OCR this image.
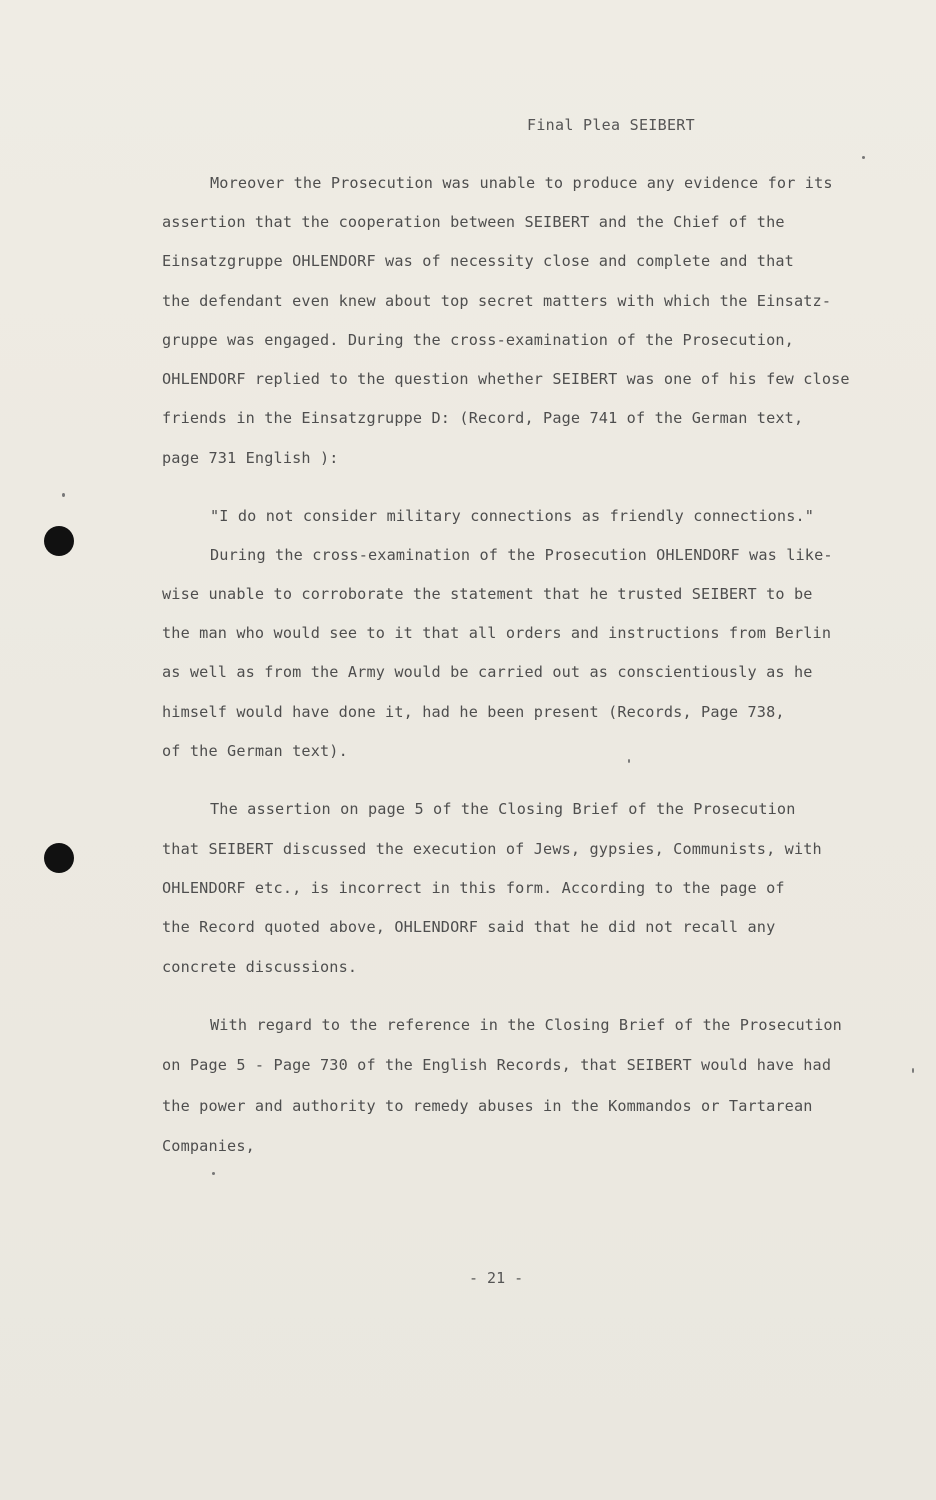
Final Plea SEIBERT
Moreover the Prosecution was unable to produce any evidence for its
assertion that the cooperation between SEIBERT and the Chief of the
Einsatzgruppe OHLENDORF was of necessity close and complete and that
the defendant even knew about top secret matters with which the Einsatz-
gruppe was engaged. During the cross-examination of the Prosecution,
OHLENDORF replied to the question whether SEIBERT was one of his few close
friends in the Einsatzgruppe D: (Record, Page 741 of the German text,
page 731 English ):
"I do not consider military connections as friendly connections."
During the cross-examination of the Prosecution OHLENDORF was like-
wise unable to corroborate the statement that he trusted SEIBERT to be
the man who would see to it that all orders and instructions from Berlin
as well as from the Army would be carried out as conscientiously as he
himself would have done it, had he been present (Records, Page 738,
of the German text).
The assertion on page 5 of the Closing Brief of the Prosecution
that SEIBERT discussed the execution of Jews, gypsies, Communists, with
OHLENDORF etc., is incorrect in this form. According to the page of
the Record quoted above, OHLENDORF said that he did not recall any
concrete discussions.
With regard to the reference in the Closing Brief of the Prosecution
on Page 5 - Page 730 of the English Records, that SEIBERT would have had
the power and authority to remedy abuses in the Kommandos or Tartarean
Companies,
- 21 -
